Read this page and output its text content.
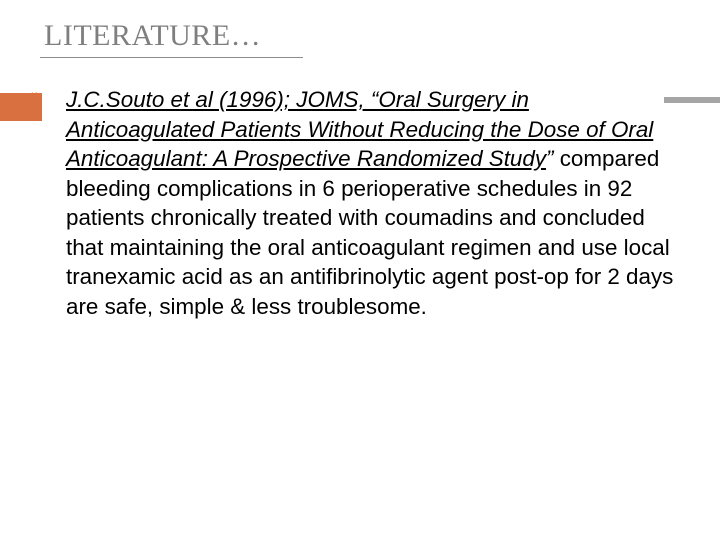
LITERATURE…
❧ J.C.Souto et al (1996); JOMS, “Oral Surgery in Anticoagulated Patients Without Reducing the Dose of Oral Anticoagulant: A Prospective Randomized Study” compared bleeding complications in 6 perioperative schedules in 92 patients chronically treated with coumadins and concluded that maintaining the oral anticoagulant regimen and use local tranexamic acid as an antifibrinolytic agent post-op for 2 days are safe, simple & less troublesome.
